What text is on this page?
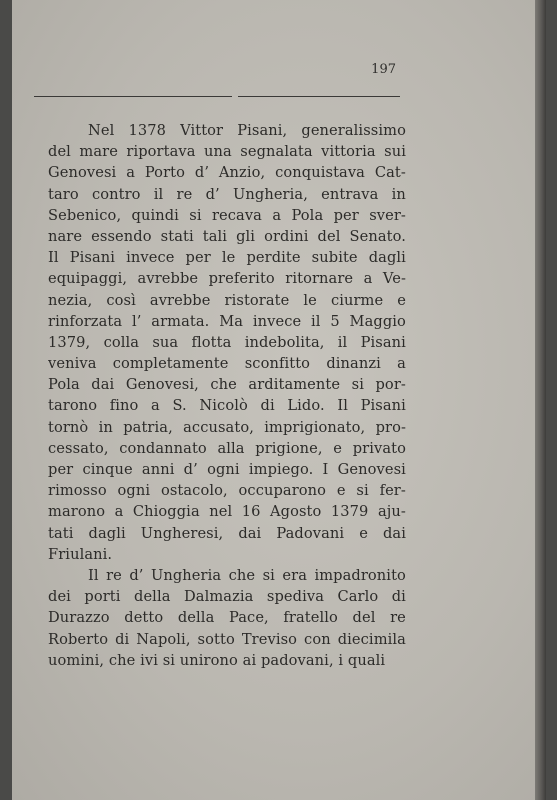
197
Nel 1378 Vittor Pisani, generalissimo
del mare riportava una segnalata vittoria sui
Genovesi a Porto d’ Anzio, conquistava Cat-
taro contro il re d’ Ungheria, entrava in
Sebenico, quindi si recava a Pola per sver-
nare essendo stati tali gli ordini del Senato.
Il Pisani invece per le perdite subite dagli
equipaggi, avrebbe preferito ritornare a Ve-
nezia, così avrebbe ristorate le ciurme e
rinforzata l’ armata. Ma invece il 5 Maggio
1379, colla sua flotta indebolita, il Pisani
veniva completamente sconfitto dinanzi a
Pola dai Genovesi, che arditamente si por-
tarono fino a S. Nicolò di Lido. Il Pisani
tornò in patria, accusato, imprigionato, pro-
cessato, condannato alla prigione, e privato
per cinque anni d’ ogni impiego. I Genovesi
rimosso ogni ostacolo, occuparono e si fer-
marono a Chioggia nel 16 Agosto 1379 aju-
tati dagli Ungheresi, dai Padovani e dai
Friulani.
Il re d’ Ungheria che si era impadronito
dei porti della Dalmazia spediva Carlo di
Durazzo detto della Pace, fratello del re
Roberto di Napoli, sotto Treviso con diecimila
uomini, che ivi si unirono ai padovani, i quali
